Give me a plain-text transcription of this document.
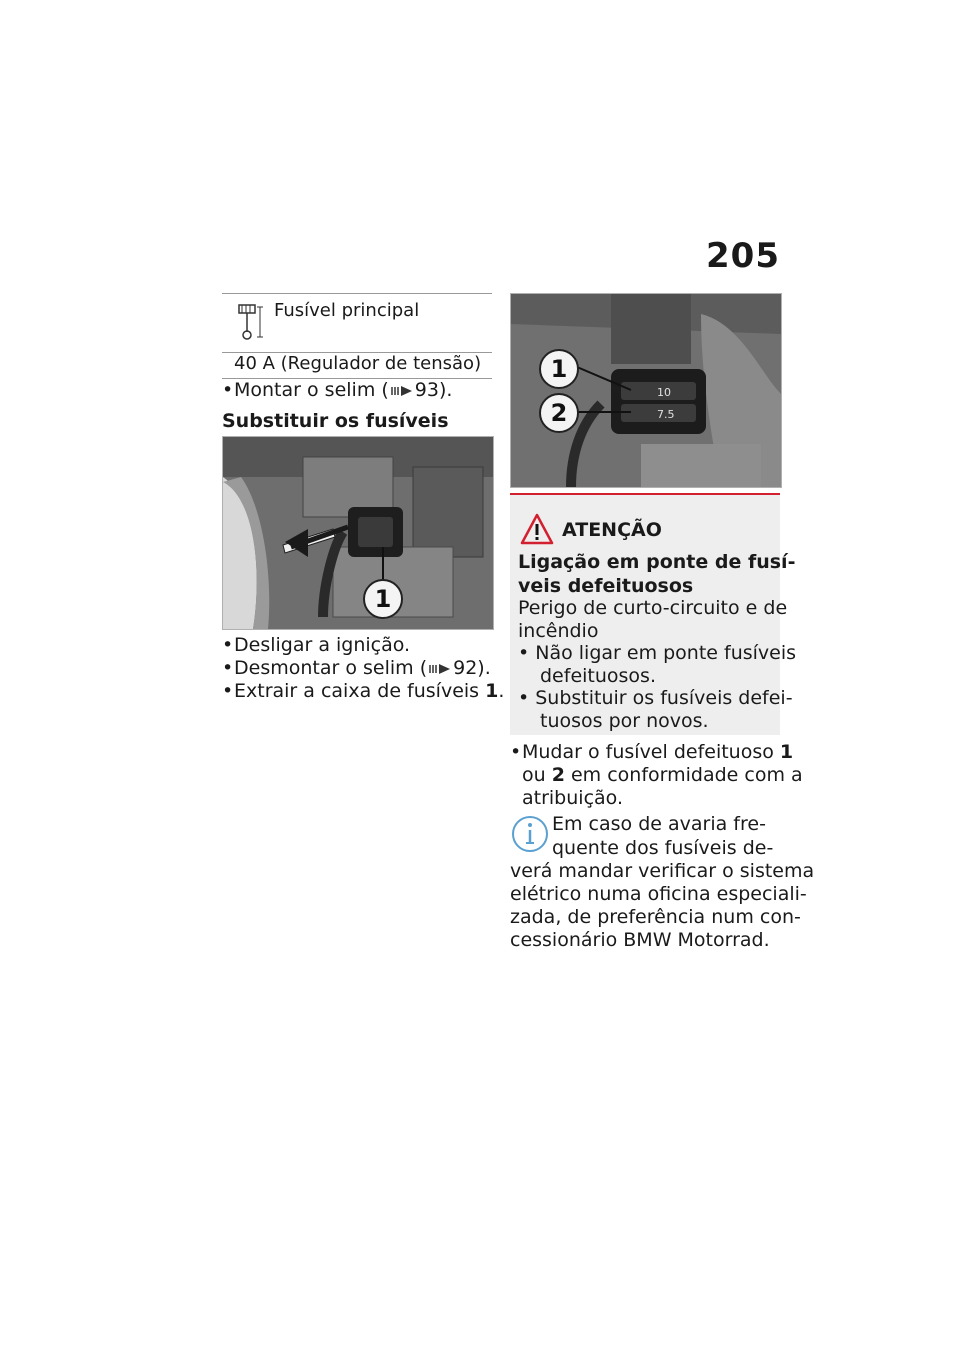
205
Fusível principal
40 A (Regulador de tensão)
• Montar o selim ( 93).
Substituir os fusíveis
1
• Desligar a ignição.
• Desmontar o selim ( 92).
• Extrair a caixa de fusíveis 1.
10
7.5
1
2
ATENÇÃO
Ligação em ponte de fusí-
veis defeituosos
Perigo de curto-circuito e de
incêndio
• Não ligar em ponte fusíveis
defeituosos.
• Substituir os fusíveis defei-
tuosos por novos.
• Mudar o fusível defeituoso 1
ou 2 em conformidade com a
atribuição.
Em caso de avaria fre-
quente dos fusíveis de-
verá mandar verificar o sistema
elétrico numa oficina especiali-
zada, de preferência num con-
cessionário BMW Motorrad.
